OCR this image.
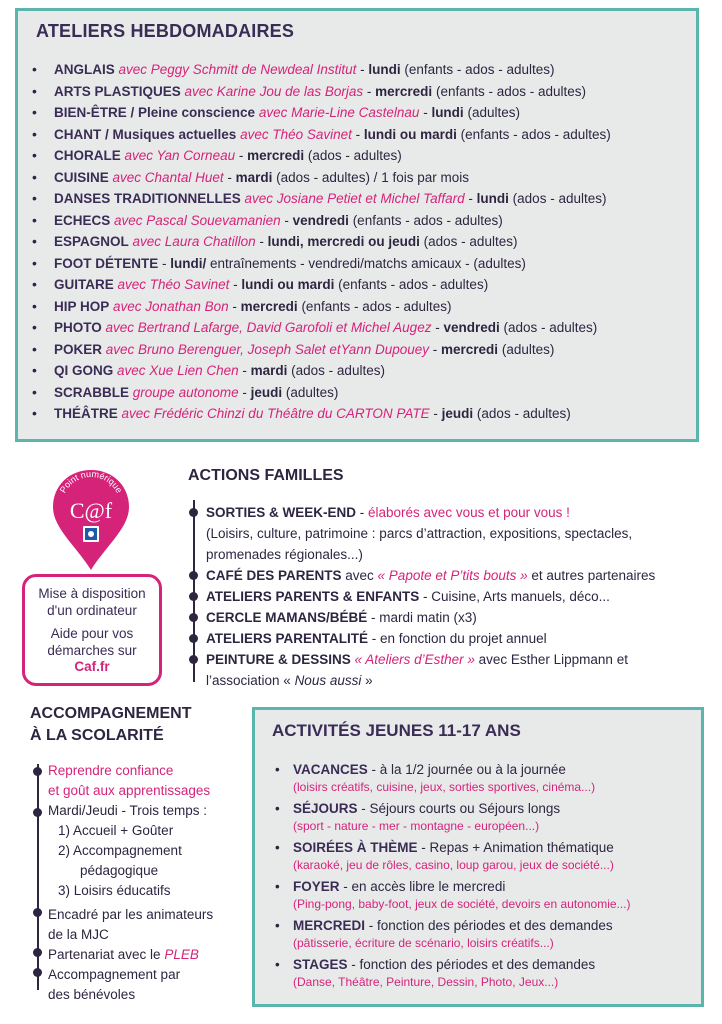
ATELIERS HEBDOMADAIRES
• ANGLAIS avec Peggy Schmitt de Newdeal Institut - lundi (enfants - ados - adultes)
• ARTS PLASTIQUES avec Karine Jou de las Borjas - mercredi (enfants - ados - adultes)
• BIEN-ÊTRE / Pleine conscience avec Marie-Line Castelnau - lundi (adultes)
• CHANT / Musiques actuelles avec Théo Savinet - lundi ou mardi (enfants - ados - adultes)
• CHORALE avec Yan Corneau - mercredi (ados - adultes)
• CUISINE avec Chantal Huet - mardi (ados - adultes) / 1 fois par mois
• DANSES TRADITIONNELLES avec Josiane Petiet et Michel Taffard - lundi (ados - adultes)
• ECHECS avec Pascal Souevamanien - vendredi (enfants - ados - adultes)
• ESPAGNOL avec Laura Chatillon - lundi, mercredi ou jeudi (ados - adultes)
• FOOT DÉTENTE - lundi/ entraînements - vendredi/matchs amicaux - (adultes)
• GUITARE avec Théo Savinet - lundi ou mardi (enfants - ados - adultes)
• HIP HOP avec Jonathan Bon - mercredi (enfants - ados - adultes)
• PHOTO avec Bertrand Lafarge, David Garofoli et Michel Augez - vendredi (ados - adultes)
• POKER avec Bruno Berenguer, Joseph Salet etYann Dupouey - mercredi (adultes)
• QI GONG avec Xue Lien Chen - mardi (ados - adultes)
• SCRABBLE groupe autonome - jeudi (adultes)
• THÉÂTRE avec Frédéric Chinzi du Théâtre du CARTON PATE - jeudi (ados - adultes)
Point numérique
C@f

Mise à disposition d'un ordinateur

Aide pour vos démarches sur

Caf.fr
ACTIONS FAMILLES
SORTIES & WEEK-END - élaborés avec vous et pour vous !
(Loisirs, culture, patrimoine : parcs d’attraction, expositions, spectacles,
promenades régionales...)
CAFÉ DES PARENTS avec « Papote et P’tits bouts » et autres partenaires
ATELIERS PARENTS & ENFANTS - Cuisine, Arts manuels, déco...
CERCLE MAMANS/BÉBÉ - mardi matin (x3)
ATELIERS PARENTALITÉ - en fonction du projet annuel
PEINTURE & DESSINS « Ateliers d’Esther » avec Esther Lippmann et
l’association « Nous aussi »
ACCOMPAGNEMENT
À LA SCOLARITÉ
Reprendre confiance
et goût aux apprentissages
Mardi/Jeudi - Trois temps :
1) Accueil + Goûter
2) Accompagnement
pédagogique
3) Loisirs éducatifs
Encadré par les animateurs
de la MJC
Partenariat avec le PLEB
Accompagnement par
des bénévoles
ACTIVITÉS JEUNES 11-17 ANS
• VACANCES - à la 1/2 journée ou à la journée
(loisirs créatifs, cuisine, jeux, sorties sportives, cinéma...)
• SÉJOURS - Séjours courts ou Séjours longs
(sport - nature - mer - montagne - européen...)
• SOIRÉES À THÈME - Repas + Animation thématique
(karaoké, jeu de rôles, casino, loup garou, jeux de société...)
• FOYER - en accès libre le mercredi
(Ping-pong, baby-foot, jeux de société, devoirs en autonomie...)
• MERCREDI - fonction des périodes et des demandes
(pâtisserie, écriture de scénario, loisirs créatifs...)
• STAGES - fonction des périodes et des demandes
(Danse, Théâtre, Peinture, Dessin, Photo, Jeux...)
